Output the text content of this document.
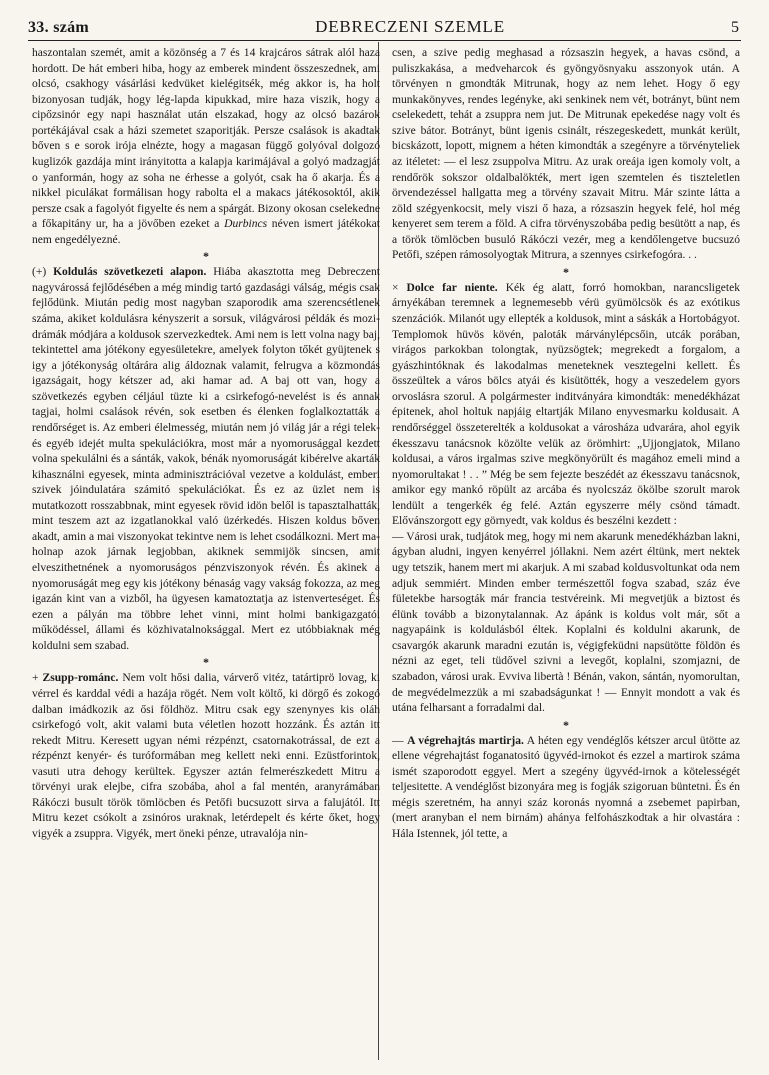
33. szám	DEBRECZENI SZEMLE	5

haszontalan szemét, amit a közönség a 7 és 14 krajcáros sátrak alól haza hordott. De hát emberi hiba, hogy az emberek mindent összeszednek, ami olcsó, csakhogy vásárlási kedvüket kielégitsék, még akkor is, ha holt bizonyosan tudják, hogy lég-lapda kipukkad, mire haza viszik, hogy a cipőzsinór egy napi használat után elszakad, hogy az olcsó bazárok portékájával csak a házi szemetet szaporitják. Persze csalások is akadtak bőven s e sorok irója elnézte, hogy a magasan függő golyóval dolgozó kuglizók gazdája mint irányitotta a kalapja karimájával a golyó madzagját o yanformán, hogy az soha ne érhesse a golyót, csak ha ő akarja. És a nikkel piculákat formálisan hogy rabolta el a makacs játékosoktól, akik persze csak a fagolyót figyelte és nem a spárgát. Bizony okosan cselekedne a főkapitány ur, ha a jövőben ezeket a Durbincs néven ismert játékokat nem engedélyezné.

*

(+) Koldulás szövetkezeti alapon. Hiába akasztotta meg Debreczent nagyvárossá fejlődésében a még mindig tartó gazdasági válság, mégis csak fejlődünk. Miután pedig most nagyban szaporodik ama szerencsétlenek száma, akiket koldulásra kényszerit a sorsuk, világvárosi példák és mozi-drámák módjára a koldusok szervezkedtek. Ami nem is lett volna nagy baj, tekintettel ama jótékony egyesületekre, amelyek folyton tőkét gyüjtenek s igy a jótékonyság oltárára alig áldoznak valamit, felrugva a közmondás igazságait, hogy kétszer ad, aki hamar ad. A baj ott van, hogy a szövetkezés egyben céljául tüzte ki a csirkefogó-nevelést is és annak tagjai, holmi csalások révén, sok esetben és élenken foglalkoztatták a rendőrséget is. Az emberi élelmesség, miután nem jó világ jár a régi telek- és egyéb idejét multa spekulációkra, most már a nyomorusággal kezdett volna spekulálni és a sánták, vakok, bénák nyomoruságát kibérelve akarták kihasználni egyesek, minta adminisztrációval vezetve a koldulást, emberi szivek jóindulatára számitó spekulációkat. És ez az üzlet nem is mutatkozott rosszabbnak, mint egyesek rövid idön belől is tapasztalhatták, mint teszem azt az izgatlanokkal való üzérkedés. Hiszen koldus bőven akadt, amin a mai viszonyokat tekintve nem is lehet csodálkozni. Mert ma-holnap azok járnak legjobban, akiknek semmijök sincsen, amit elveszithetnének a nyomoruságos pénzviszonyok révén. És akinek a nyomoruságát meg egy kis jótékony bénaság vagy vakság fokozza, az meg igazán kint van a vizből, ha ügyesen kamatoztatja az istenverteséget. És ezen a pályán ma többre lehet vinni, mint holmi bankigazgatói működéssel, állami és közhivatalnoksággal. Mert ez utóbbiaknak még koldulni sem szabad.

*

+ Zsupp-románc. Nem volt hősi dalia, várverő vitéz, tatártiprö lovag, ki vérrel és karddal védi a hazája rögét. Nem volt költő, ki dörgő és zokogó dalban imádkozik az ősi földhöz. Mitru csak egy szenynyes kis oláh csirkefogó volt, akit valami buta véletlen hozott hozzánk. És aztán itt rekedt Mitru. Keresett ugyan némi rézpénzt, csatornakotrással, de ezt a rézpénzt kenyér- és turóformában meg kellett neki enni. Ezüstforintok, vasuti utra dehogy kerültek. Egyszer aztán felmerészkedett Mitru a törvényi urak elejbe, cifra szobába, ahol a fal mentén, aranyrámában Rákóczi busult török tömlöcben és Petőfi bucsuzott sirva a falujától. Itt Mitru kezet csókolt a zsinóros uraknak, letérdepelt és kérte őket, hogy vigyék a zsuppra. Vigyék, mert öneki pénze, utravalója nin-

csen, a szive pedig meghasad a rózsaszin hegyek, a havas csönd, a puliszkakása, a medveharcok és gyöngyösnyaku asszonyok után. A törvényen n gmondták Mitrunak, hogy az nem lehet. Hogy ő egy munkakönyves, rendes legényke, aki senkinek nem vét, botrányt, bünt nem cselekedett, tehát a zsuppra nem jut. De Mitrunak epekedése nagy volt és szive bátor. Botrányt, bünt igenis csinált, részegeskedett, munkát került, bicskázott, lopott, mignem a héten kimondták a szegényre a törvényteliek az itéletet: — el lesz zsuppolva Mitru. Az urak oreája igen komoly volt, a rendőrök sokszor oldalbalökték, mert igen szemtelen és tiszteletlen örvendezéssel hallgatta meg a törvény szavait Mitru. Már szinte látta a zöld szégyenkocsit, mely viszi ő haza, a rózsaszin hegyek felé, hol még kenyeret sem terem a föld. A cifra törvényszobába pedig besütött a nap, és a török tömlöcben busuló Rákóczi vezér, meg a kendőlengetve bucsuzó Petőfi, szépen rámosolyogtak Mitrura, a szennyes csirkefogóra. . .

*

× Dolce far niente. Kék ég alatt, forró homokban, narancsligetek árnyékában teremnek a legnemesebb vérü gyümölcsök és az exótikus szenzációk. Milanót ugy ellepték a koldusok, mint a sáskák a Hortobágyot. Templomok hüvös kövén, paloták márványlépcsőin, utcák porában, virágos parkokban tolongtak, nyüzsögtek; megrekedt a forgalom, a gyászhintóknak és lakodalmas meneteknek vesztegelni kellett. És összeültek a város bölcs atyái és kisütötték, hogy a veszedelem gyors orvoslásra szorul. A polgármester inditványára kimondták: menedékházat épitenek, ahol holtuk napjáig eltartják Milano enyvesmarku koldusait. A rendőrséggel összeterelték a koldusokat a városháza udvarára, ahol egyik ékesszavu tanácsnok közölte velük az örömhirt: „Ujjongjatok, Milano koldusai, a város irgalmas szive megkönyörült és magához emeli mind a nyomorultakat ! . . ” Még be sem fejezte beszédét az ékesszavu tanácsnok, amikor egy mankó röpült az arcába és nyolcszáz ökölbe szorult marok lendült a tengerkék ég felé. Aztán egyszerre mély csönd támadt. Elővánszorgott egy görnyedt, vak koldus és beszélni kezdett :

— Városi urak, tudjátok meg, hogy mi nem akarunk menedékházban lakni, ágyban aludni, ingyen kenyérrel jóllakni. Nem azért éltünk, mert nektek ugy tetszik, hanem mert mi akarjuk. A mi szabad koldusvoltunkat oda nem adjuk semmiért. Minden ember természettől fogva szabad, száz éve fületekbe harsogták már francia testvéreink. Mi megvetjük a biztost és élünk tovább a bizonytalannak. Az ápánk is koldus volt már, sőt a nagyapáink is koldulásból éltek. Koplalni és koldulni akarunk, de csavargók akarunk maradni ezután is, végigfeküdni napsütötte földön és nézni az eget, teli tüdővel szivni a levegőt, koplalni, szomjazni, de szabadon, városi urak. Evviva libertà ! Bénán, vakon, sántán, nyomorultan, de megvédelmezzük a mi szabadságunkat ! — Ennyit mondott a vak és utána felharsant a forradalmi dal.

*

— A végrehajtás martirja. A héten egy vendéglős kétszer arcul ütötte az ellene végrehajtást foganatositó ügyvéd-irnokot és ezzel a martirok száma ismét szaporodott eggyel. Mert a szegény ügyvéd-irnok a kötelességét teljesitette. A vendéglőst bizonyára meg is fogják szigoruan büntetni. És én mégis szeretném, ha annyi száz koronás nyomná a zsebemet papirban, (mert aranyban el nem birnám) ahánya felfohászkodtak a hir olvastára : Hála Istennek, jól tette, a
